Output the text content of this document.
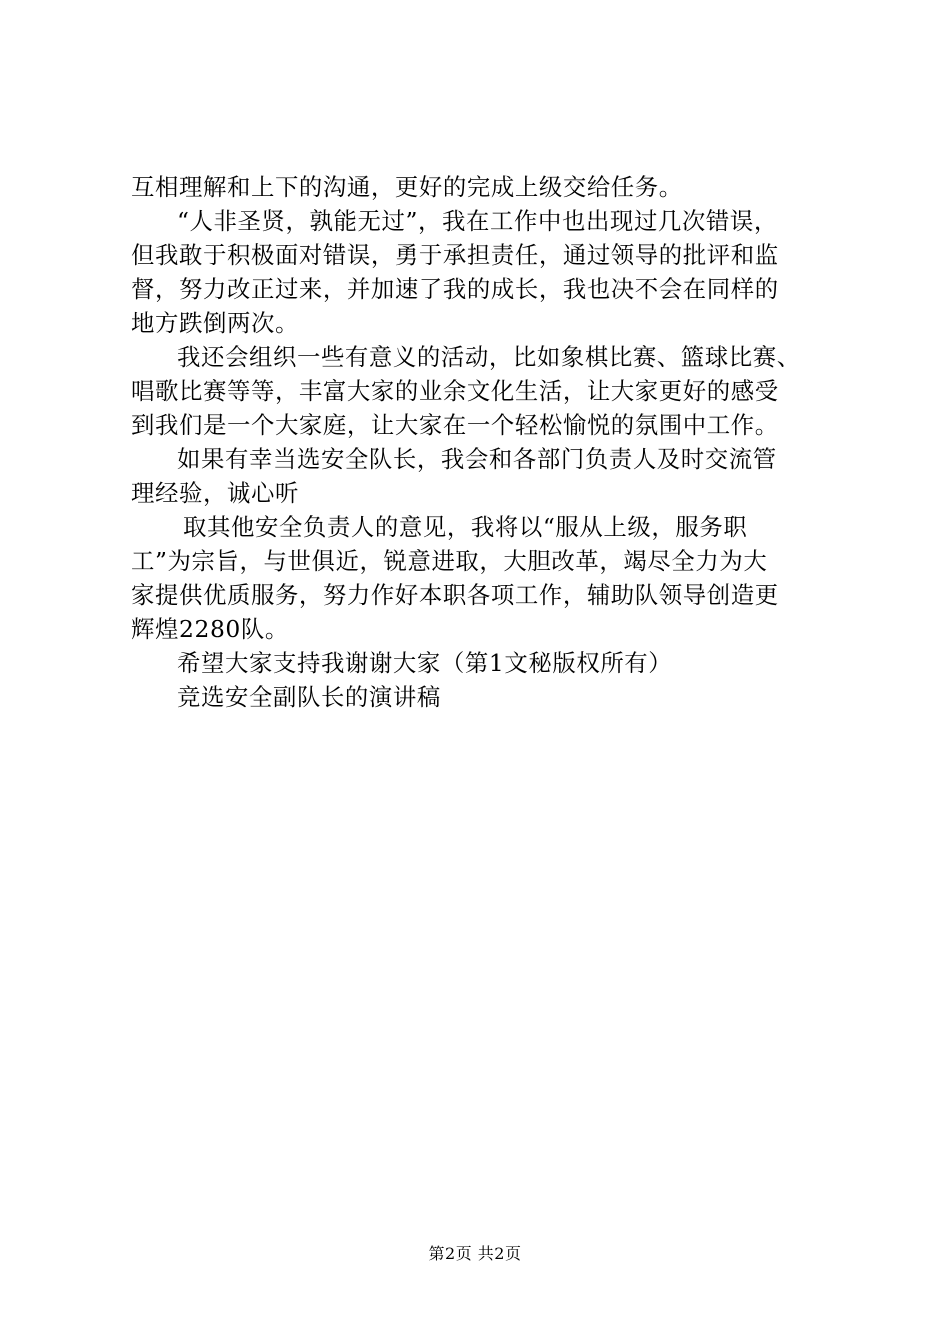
互相理解和上下的沟通，更好的完成上级交给任务。
“人非圣贤，孰能无过”，我在工作中也出现过几次错误，
但我敢于积极面对错误，勇于承担责任，通过领导的批评和监
督，努力改正过来，并加速了我的成长，我也决不会在同样的
地方跌倒两次。
我还会组织一些有意义的活动，比如象棋比赛、篮球比赛、
唱歌比赛等等，丰富大家的业余文化生活，让大家更好的感受
到我们是一个大家庭，让大家在一个轻松愉悦的氛围中工作。
如果有幸当选安全队长，我会和各部门负责人及时交流管
理经验，诚心听
取其他安全负责人的意见，我将以“服从上级，服务职
工”为宗旨，与世俱近，锐意进取，大胆改革，竭尽全力为大
家提供优质服务，努力作好本职各项工作，辅助队领导创造更
辉煌2280队。
希望大家支持我谢谢大家（第1文秘版权所有）
竞选安全副队长的演讲稿
第2页 共2页
